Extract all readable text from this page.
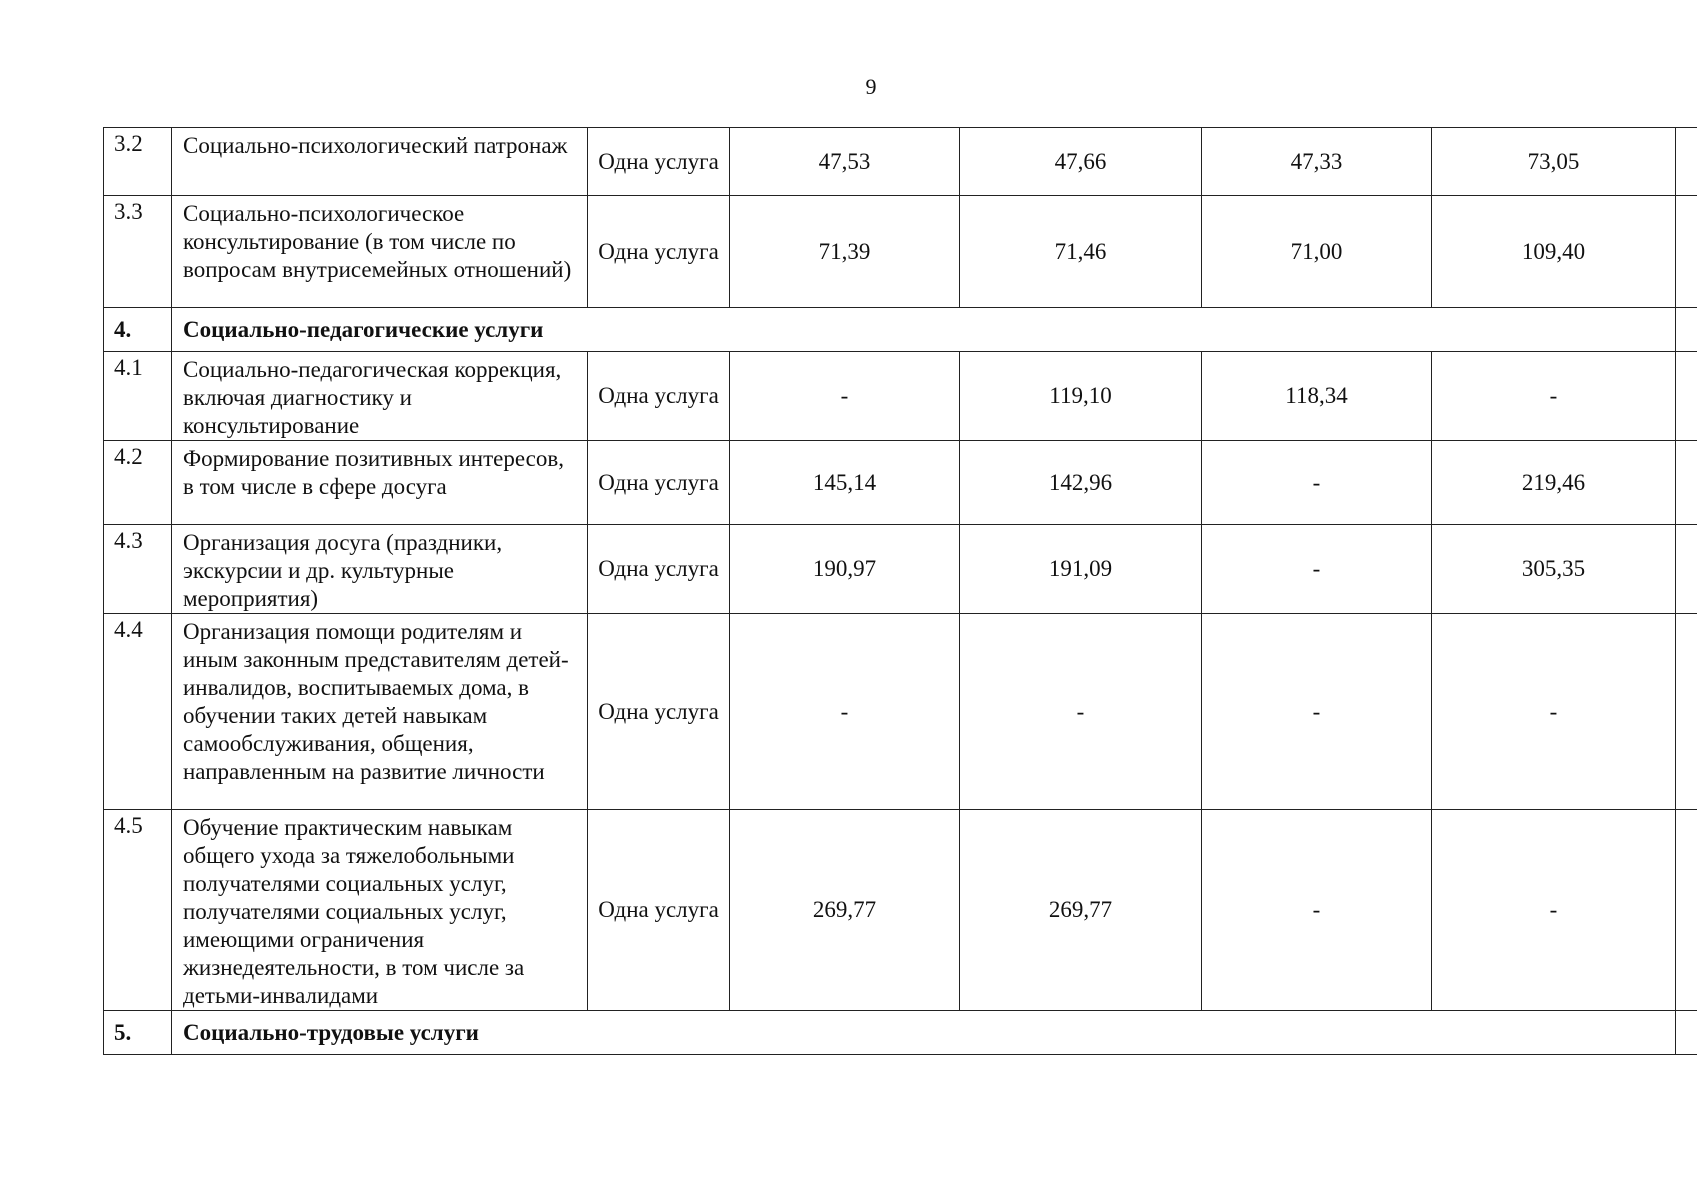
9
3.2	Социально-психологический патронаж	Одна услуга	47,53	47,66	47,33	73,05	
3.3	Социально-психологическое консультирование (в том числе по вопросам внутрисемейных отношений)	Одна услуга	71,39	71,46	71,00	109,40	
4.	Социально-педагогические услуги						
4.1	Социально-педагогическая коррекция, включая диагностику и консультирование	Одна услуга	-	119,10	118,34	-	
4.2	Формирование позитивных интересов, в том числе в сфере досуга	Одна услуга	145,14	142,96	-	219,46	
4.3	Организация досуга (праздники, экскурсии и др. культурные мероприятия)	Одна услуга	190,97	191,09	-	305,35	
4.4	Организация помощи родителям и иным законным представителям детей-инвалидов, воспитываемых дома, в обучении таких детей навыкам самообслуживания, общения, направленным на развитие личности	Одна услуга	-	-	-	-	
4.5	Обучение практическим навыкам общего ухода за тяжелобольными получателями социальных услуг, получателями социальных услуг, имеющими ограничения жизнедеятельности, в том числе за детьми-инвалидами	Одна услуга	269,77	269,77	-	-	
5.	Социально-трудовые услуги						
